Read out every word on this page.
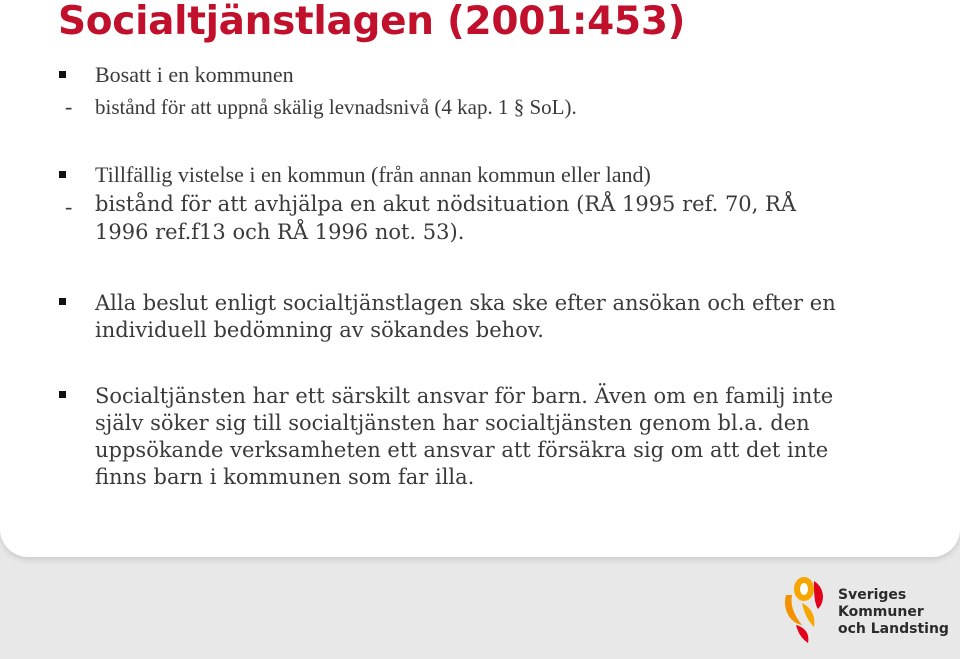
Socialtjänstlagen (2001:453)

Bosatt i en kommunen

- bistånd för att uppnå skälig levnadsnivå (4 kap. 1 § SoL).

Tillfällig vistelse i en kommun (från annan kommun eller land)

- bistånd för att avhjälpa en akut nödsituation (RÅ 1995 ref. 70, RÅ 1996 ref.f13 och RÅ 1996 not. 53).

Alla beslut enligt socialtjänstlagen ska ske efter ansökan och efter en individuell bedömning av sökandes behov.

Socialtjänsten har ett särskilt ansvar för barn. Även om en familj inte själv söker sig till socialtjänsten har socialtjänsten genom bl.a. den uppsökande verksamheten ett ansvar att försäkra sig om att det inte finns barn i kommunen som far illa.

Sveriges
Kommuner
och Landsting
